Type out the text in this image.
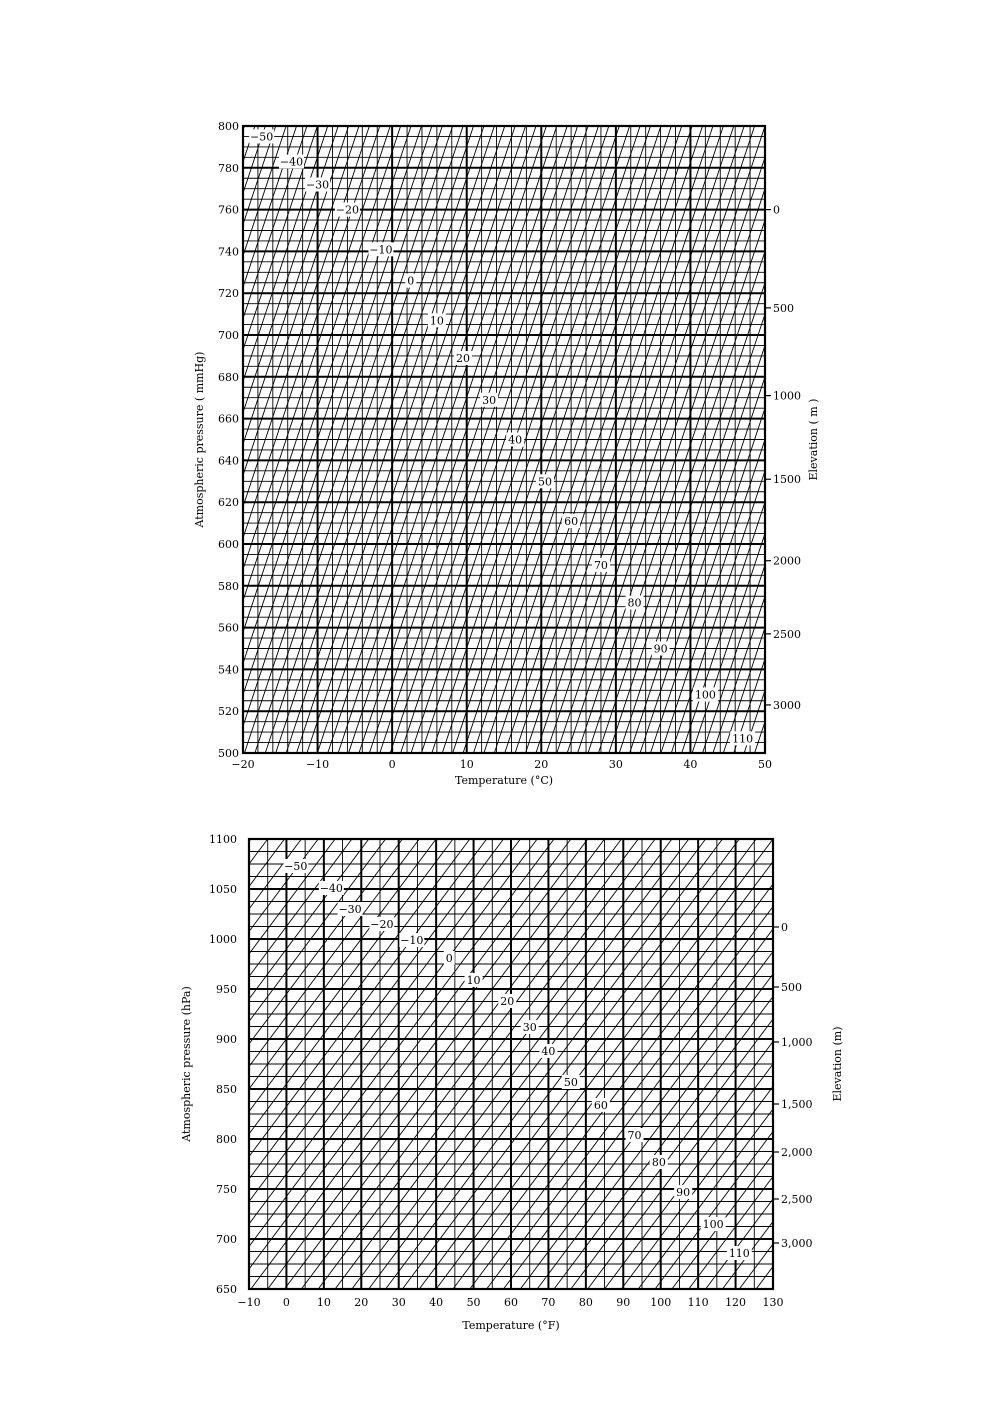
−50
−40
−30
−20
−10
0
10
20
30
40
50
60
70
80
90
100
110
−20	−10	0	10	20	30	40	50
500
520
540
560
580
600
620
640
660
680
700
720
740
760
780
800
0
500
1000
1500
2000
2500
3000
Temperature (°C)
Atmospheric pressure ( mmHg)	Elevation ( m )
−50
−40
−30
−20
−10
0
10
20
30
40
50
60
70
80
90
100
110
−10 0 10 20 30 40 50 60 70 80 90 100 110 120 130
650
700
750
800
850
900
950
1000
1050
1100
0
500
1,000
1,500
2,000
2,500
3,000
Temperature (°F)
Atmospheric pressure (hPa)	Elevation (m)
